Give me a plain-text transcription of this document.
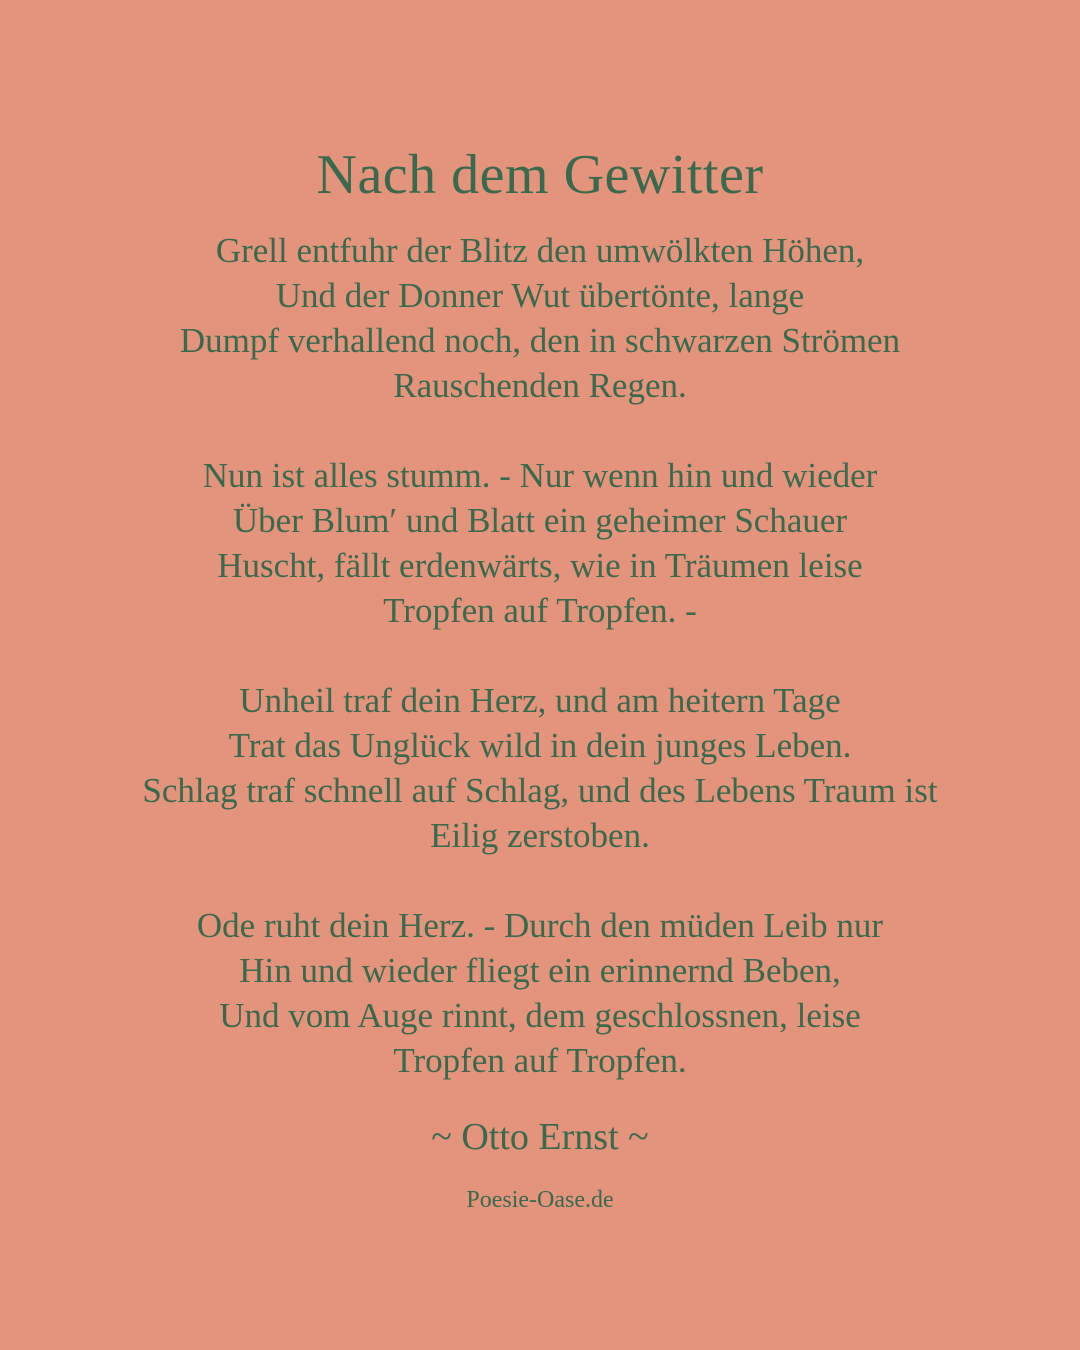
Nach dem Gewitter
Grell entfuhr der Blitz den umwölkten Höhen,
Und der Donner Wut übertönte, lange
Dumpf verhallend noch, den in schwarzen Strömen
Rauschenden Regen.
Nun ist alles stumm. - Nur wenn hin und wieder
Über Blum′ und Blatt ein geheimer Schauer
Huscht, fällt erdenwärts, wie in Träumen leise
Tropfen auf Tropfen. -
Unheil traf dein Herz, und am heitern Tage
Trat das Unglück wild in dein junges Leben.
Schlag traf schnell auf Schlag, und des Lebens Traum ist
Eilig zerstoben.
Ode ruht dein Herz. - Durch den müden Leib nur
Hin und wieder fliegt ein erinnernd Beben,
Und vom Auge rinnt, dem geschlossnen, leise
Tropfen auf Tropfen.
~ Otto Ernst ~
Poesie-Oase.de
